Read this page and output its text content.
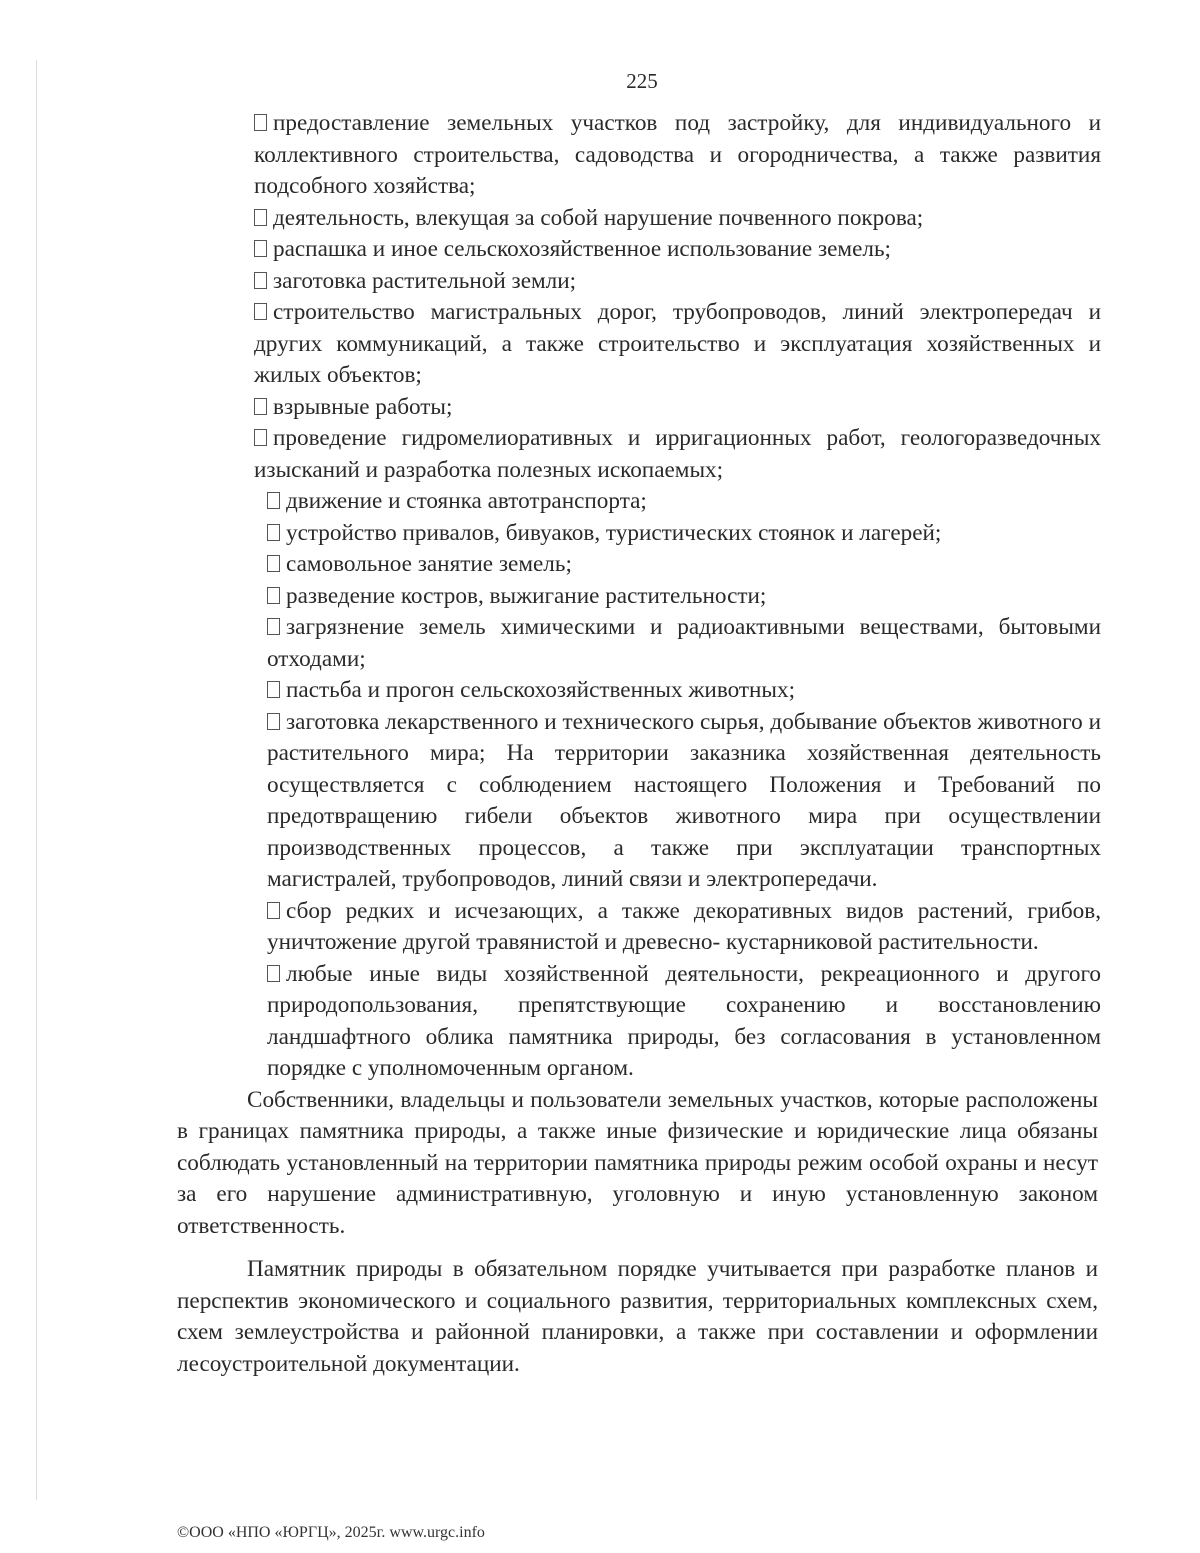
225

предоставление земельных участков под застройку, для индивидуального и коллективного строительства, садоводства и огородничества, а также развития подсобного хозяйства;

деятельность, влекущая за собой нарушение почвенного покрова;

распашка и иное сельскохозяйственное использование земель;

заготовка растительной земли;

строительство магистральных дорог, трубопроводов, линий электропередач и других коммуникаций, а также строительство и эксплуатация хозяйственных и жилых объектов;

взрывные работы;

проведение гидромелиоративных и ирригационных работ, геологоразведочных изысканий и разработка полезных ископаемых;

движение и стоянка автотранспорта;

устройство привалов, бивуаков, туристических стоянок и лагерей;

самовольное занятие земель;

разведение костров, выжигание растительности;

загрязнение земель химическими и радиоактивными веществами, бытовыми отходами;

пастьба и прогон сельскохозяйственных животных;

заготовка лекарственного и технического сырья, добывание объектов животного и растительного мира; На территории заказника хозяйственная деятельность осуществляется с соблюдением настоящего Положения и Требований по предотвращению гибели объектов животного мира при осуществлении производственных процессов, а также при эксплуатации транспортных магистралей, трубопроводов, линий связи и электропередачи.

сбор редких и исчезающих, а также декоративных видов растений, грибов, уничтожение другой травянистой и древесно- кустарниковой растительности.

любые иные виды хозяйственной деятельности, рекреационного и другого природопользования, препятствующие сохранению и восстановлению ландшафтного облика памятника природы, без согласования в установленном порядке с уполномоченным органом.

Собственники, владельцы и пользователи земельных участков, которые расположены в границах памятника природы, а также иные физические и юридические лица обязаны соблюдать установленный на территории памятника природы режим особой охраны и несут за его нарушение административную, уголовную и иную установленную законом ответственность.

Памятник природы в обязательном порядке учитывается при разработке планов и перспектив экономического и социального развития, территориальных комплексных схем, схем землеустройства и районной планировки, а также при составлении и оформлении лесоустроительной документации.

©ООО «НПО «ЮРГЦ», 2025г. www.urgc.info
